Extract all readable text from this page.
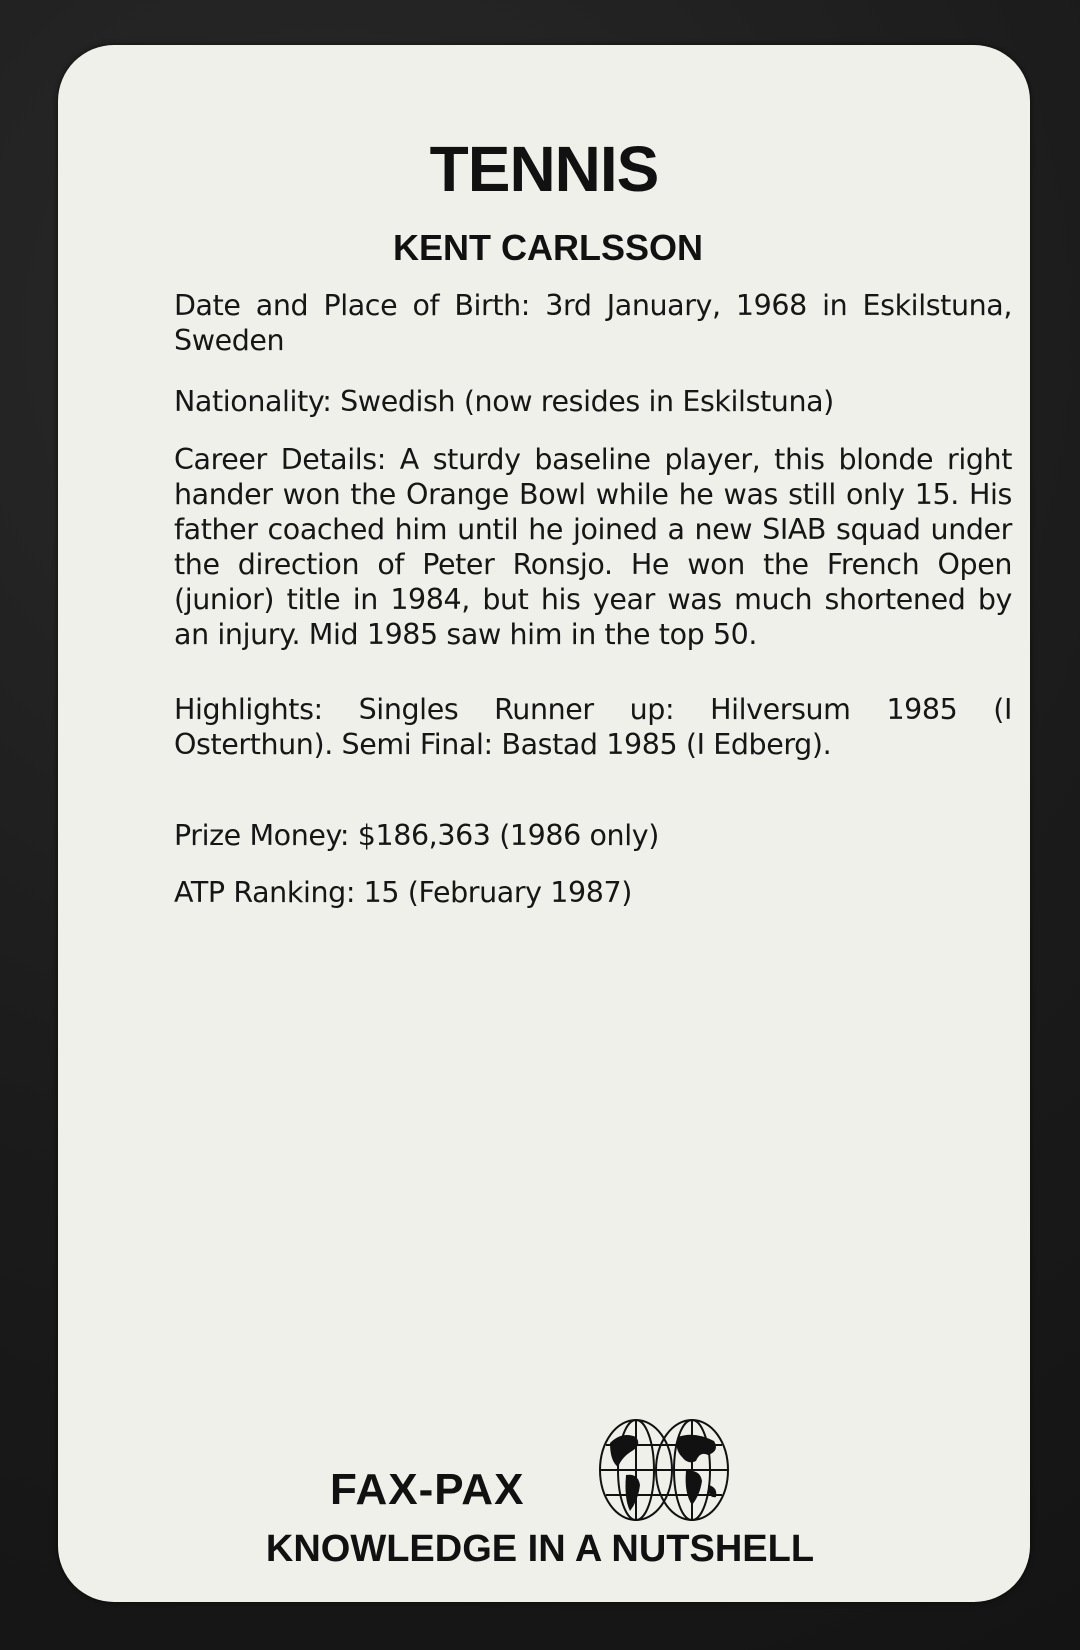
TENNIS
KENT CARLSSON

Date and Place of Birth: 3rd January, 1968 in Eskilstuna, Sweden

Nationality: Swedish (now resides in Eskilstuna)

Career Details: A sturdy baseline player, this blonde right hander won the Orange Bowl while he was still only 15. His father coached him until he joined a new SIAB squad under the direction of Peter Ronsjo. He won the French Open (junior) title in 1984, but his year was much shortened by an injury. Mid 1985 saw him in the top 50.

Highlights: Singles Runner up: Hilversum 1985 (I Osterthun). Semi Final: Bastad 1985 (I Edberg).

Prize Money: $186,363 (1986 only)

ATP Ranking: 15 (February 1987)

FAX-PAX
KNOWLEDGE IN A NUTSHELL
